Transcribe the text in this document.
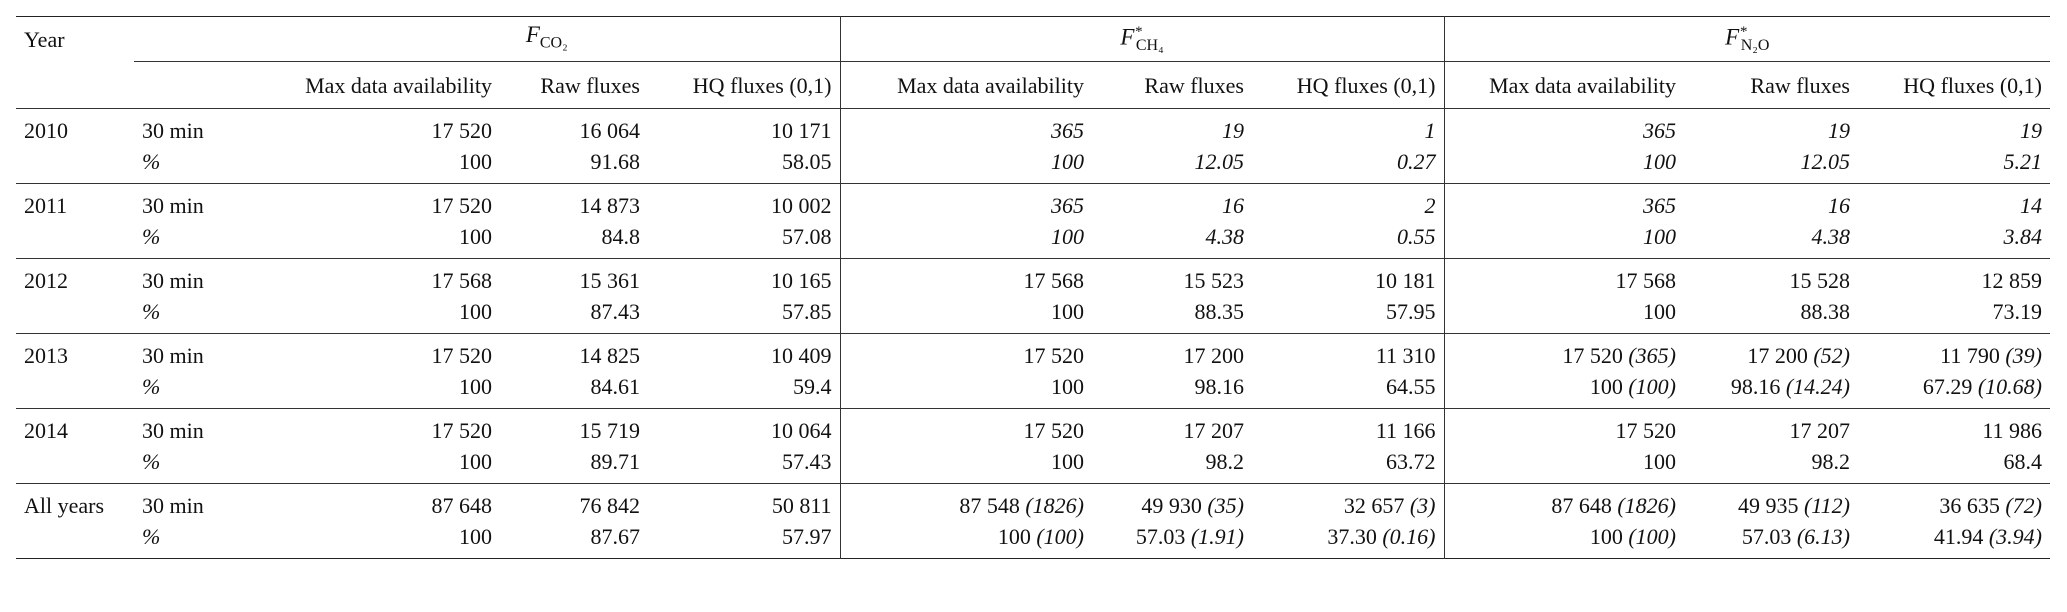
Year		$F_{CO_2}$			$F^*_{CH_4}$			$F^*_{N_2O}$
		Max data availability	Raw fluxes	HQ fluxes (0,1)	Max data availability	Raw fluxes	HQ fluxes (0,1)	Max data availability	Raw fluxes	HQ fluxes (0,1)
2010	30 min	17 520	16 064	10 171	365	19	1	365	19	19
	%	100	91.68	58.05	100	12.05	0.27	100	12.05	5.21
2011	30 min	17 520	14 873	10 002	365	16	2	365	16	14
	%	100	84.8	57.08	100	4.38	0.55	100	4.38	3.84
2012	30 min	17 568	15 361	10 165	17 568	15 523	10 181	17 568	15 528	12 859
	%	100	87.43	57.85	100	88.35	57.95	100	88.38	73.19
2013	30 min	17 520	14 825	10 409	17 520	17 200	11 310	17 520 (365)	17 200 (52)	11 790 (39)
	%	100	84.61	59.4	100	98.16	64.55	100 (100)	98.16 (14.24)	67.29 (10.68)
2014	30 min	17 520	15 719	10 064	17 520	17 207	11 166	17 520	17 207	11 986
	%	100	89.71	57.43	100	98.2	63.72	100	98.2	68.4
All years	30 min	87 648	76 842	50 811	87 548 (1826)	49 930 (35)	32 657 (3)	87 648 (1826)	49 935 (112)	36 635 (72)
	%	100	87.67	57.97	100 (100)	57.03 (1.91)	37.30 (0.16)	100 (100)	57.03 (6.13)	41.94 (3.94)
